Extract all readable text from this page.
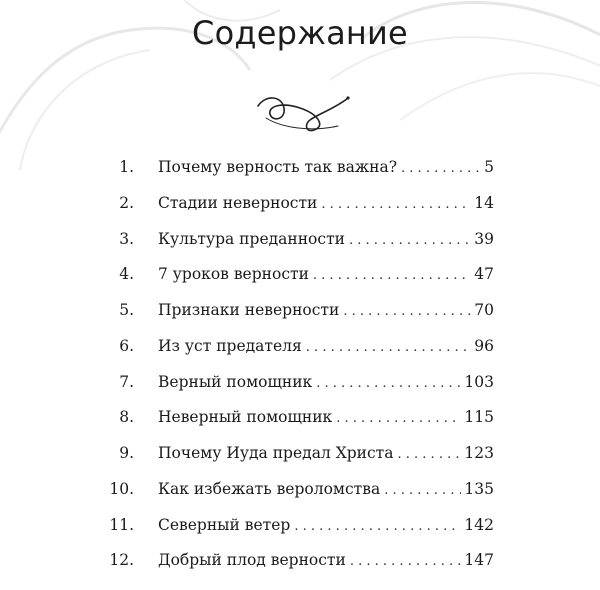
Содержание
1. Почему верность так важна? . . .	5
2. Стадии неверности . . .	14
3. Культура преданности . . .	39
4. 7 уроков верности . . .	47
5. Признаки неверности . . .	70
6. Из уст предателя . . .	96
7. Верный помощник . . .	103
8. Неверный помощник . . .	115
9. Почему Иуда предал Христа . . .	123
10. Как избежать вероломства . . .	135
11. Северный ветер . . .	142
12. Добрый плод верности . . .	147
